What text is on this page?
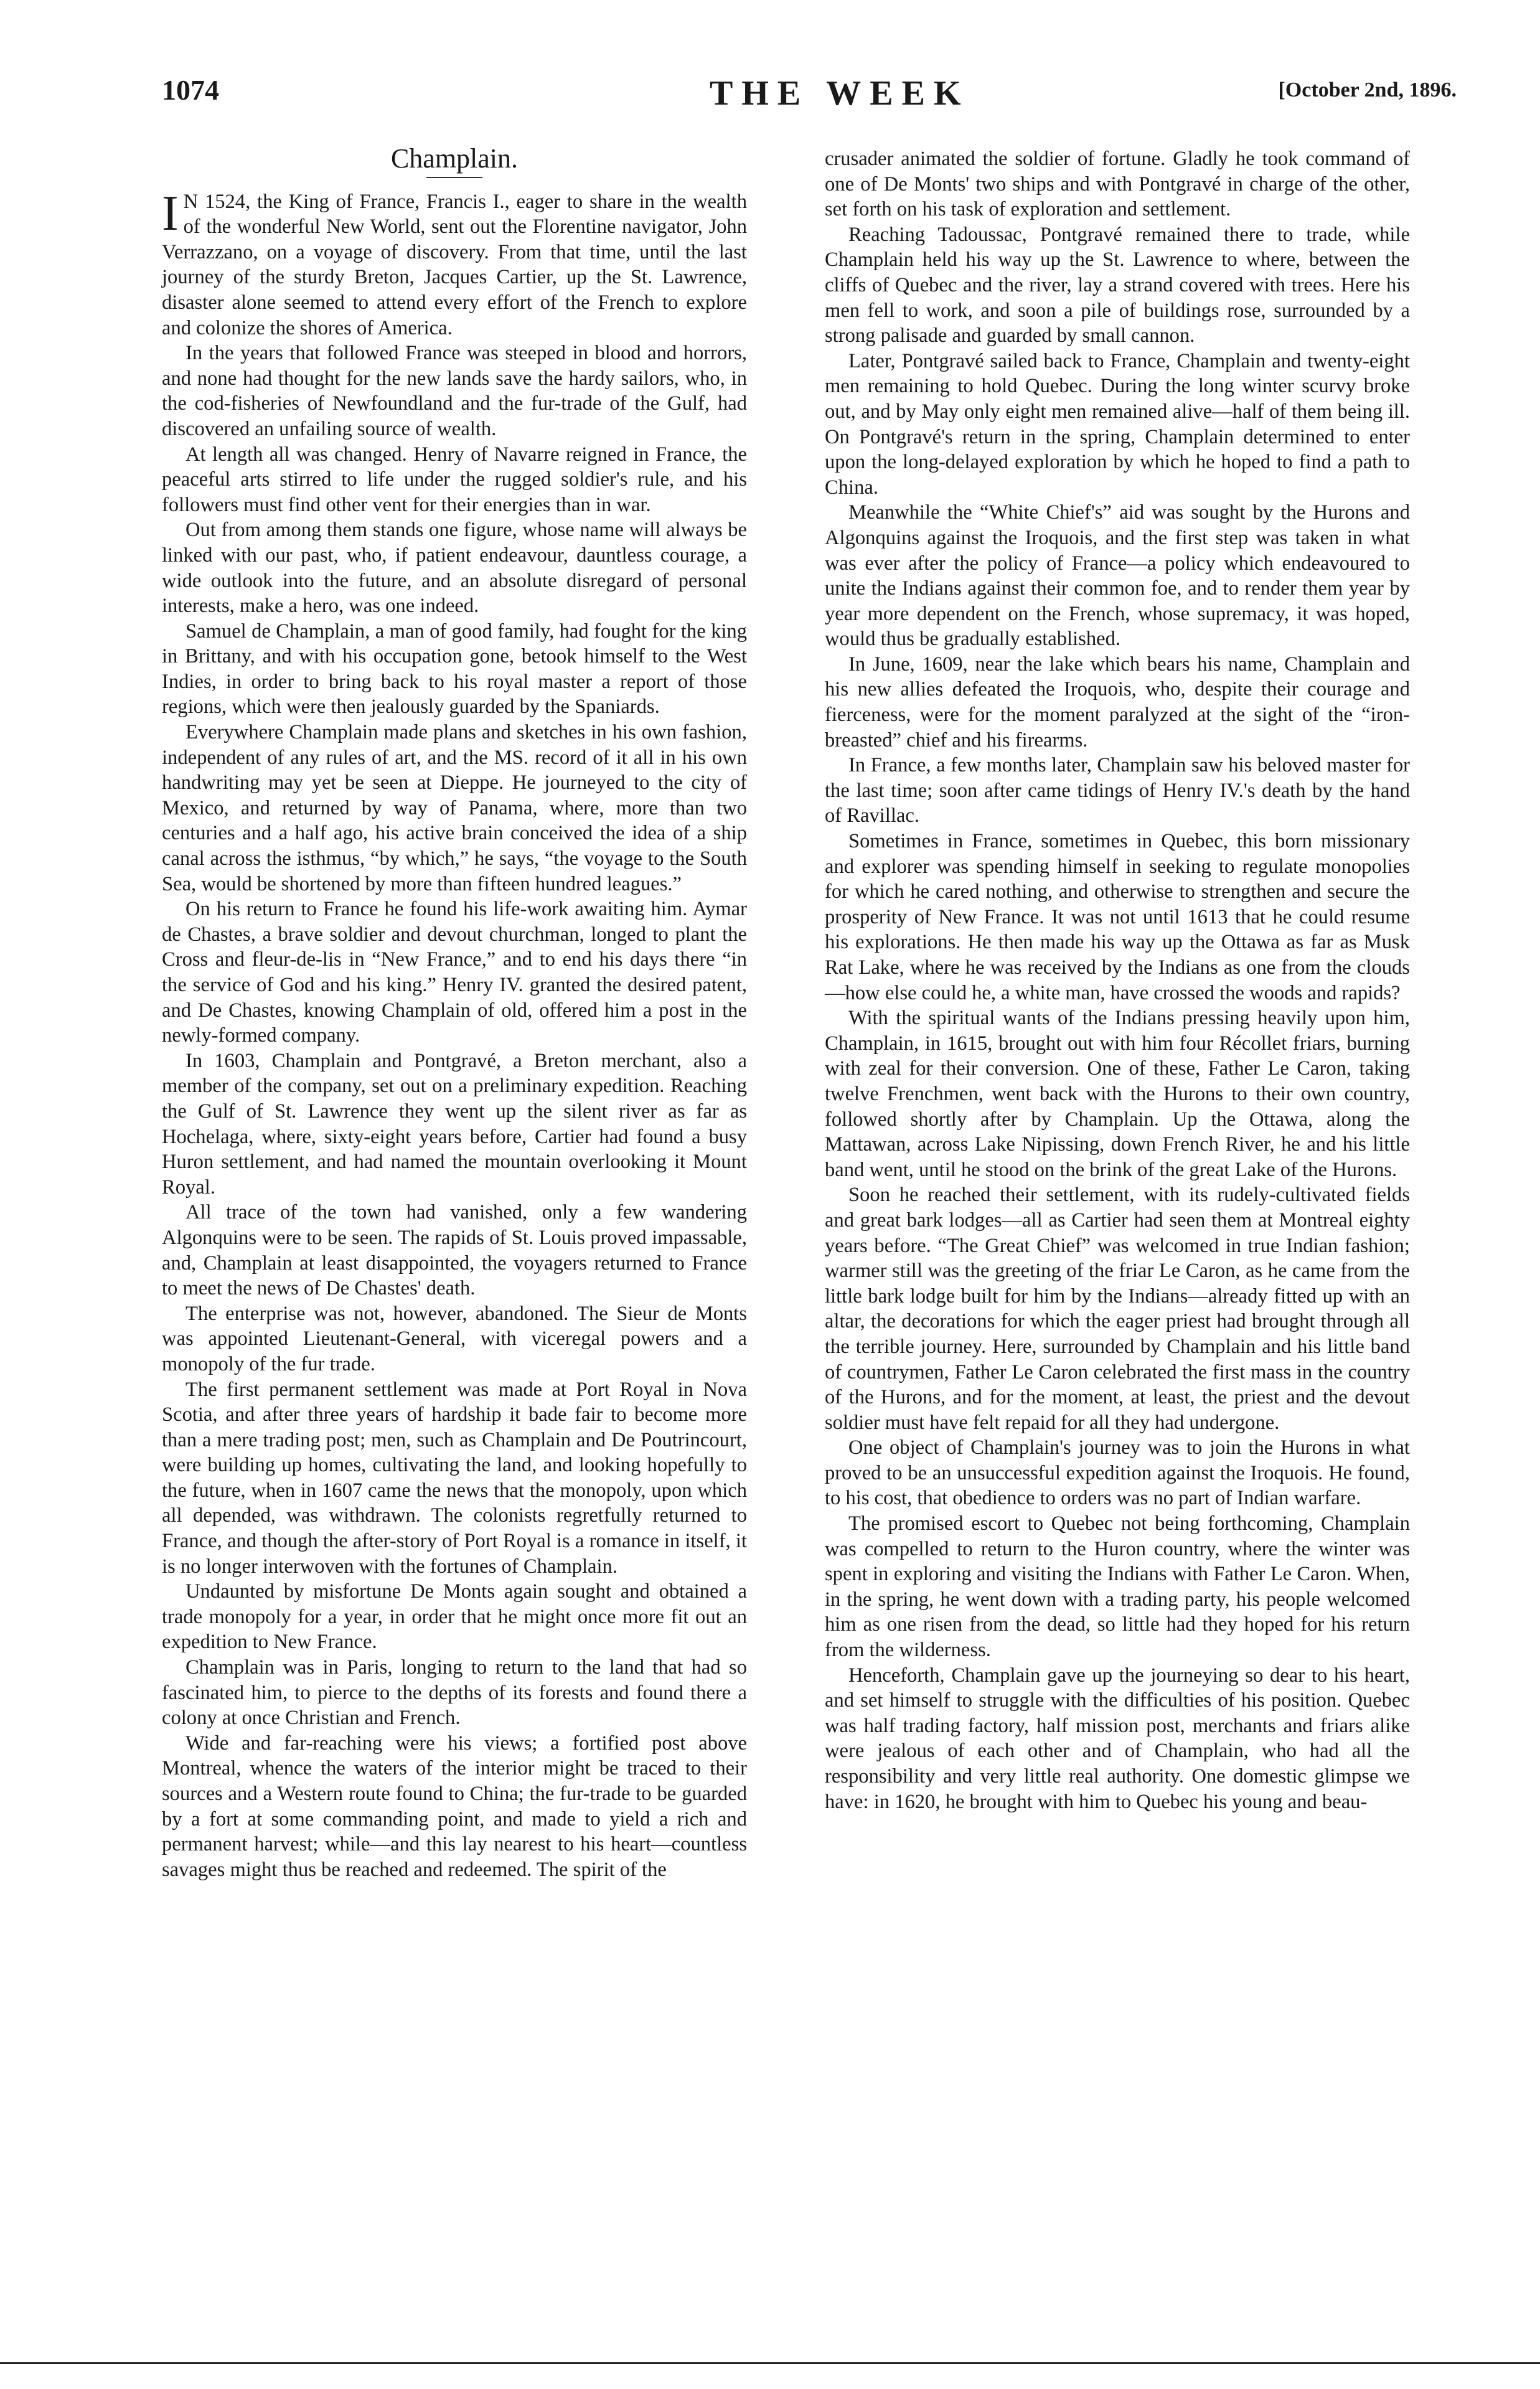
1074	THE WEEK	[October 2nd, 1896.
Champlain.

I N 1524, the King of France, Francis I., eager to share in the wealth of the wonderful New World, sent out the Florentine navigator, John Verrazzano, on a voyage of discovery. From that time, until the last journey of the sturdy Breton, Jacques Cartier, up the St. Lawrence, disaster alone seemed to attend every effort of the French to explore and colonize the shores of America.

In the years that followed France was steeped in blood and horrors, and none had thought for the new lands save the hardy sailors, who, in the cod-fisheries of Newfoundland and the fur-trade of the Gulf, had discovered an unfailing source of wealth.

At length all was changed. Henry of Navarre reigned in France, the peaceful arts stirred to life under the rugged soldier's rule, and his followers must find other vent for their energies than in war.

Out from among them stands one figure, whose name will always be linked with our past, who, if patient endeavour, dauntless courage, a wide outlook into the future, and an absolute disregard of personal interests, make a hero, was one indeed.

Samuel de Champlain, a man of good family, had fought for the king in Brittany, and with his occupation gone, betook himself to the West Indies, in order to bring back to his royal master a report of those regions, which were then jealously guarded by the Spaniards.

Everywhere Champlain made plans and sketches in his own fashion, independent of any rules of art, and the MS. record of it all in his own handwriting may yet be seen at Dieppe. He journeyed to the city of Mexico, and returned by way of Panama, where, more than two centuries and a half ago, his active brain conceived the idea of a ship canal across the isthmus, “by which,” he says, “the voyage to the South Sea, would be shortened by more than fifteen hundred leagues.”

On his return to France he found his life-work awaiting him. Aymar de Chastes, a brave soldier and devout churchman, longed to plant the Cross and fleur-de-lis in “New France,” and to end his days there “in the service of God and his king.” Henry IV. granted the desired patent, and De Chastes, knowing Champlain of old, offered him a post in the newly-formed company.

In 1603, Champlain and Pontgravé, a Breton merchant, also a member of the company, set out on a preliminary expedition. Reaching the Gulf of St. Lawrence they went up the silent river as far as Hochelaga, where, sixty-eight years before, Cartier had found a busy Huron settlement, and had named the mountain overlooking it Mount Royal.

All trace of the town had vanished, only a few wandering Algonquins were to be seen. The rapids of St. Louis proved impassable, and, Champlain at least disappointed, the voyagers returned to France to meet the news of De Chastes' death.

The enterprise was not, however, abandoned. The Sieur de Monts was appointed Lieutenant-General, with viceregal powers and a monopoly of the fur trade.

The first permanent settlement was made at Port Royal in Nova Scotia, and after three years of hardship it bade fair to become more than a mere trading post; men, such as Champlain and De Poutrincourt, were building up homes, cultivating the land, and looking hopefully to the future, when in 1607 came the news that the monopoly, upon which all depended, was withdrawn. The colonists regretfully returned to France, and though the after-story of Port Royal is a romance in itself, it is no longer interwoven with the fortunes of Champlain.

Undaunted by misfortune De Monts again sought and obtained a trade monopoly for a year, in order that he might once more fit out an expedition to New France.

Champlain was in Paris, longing to return to the land that had so fascinated him, to pierce to the depths of its forests and found there a colony at once Christian and French.

Wide and far-reaching were his views; a fortified post above Montreal, whence the waters of the interior might be traced to their sources and a Western route found to China; the fur-trade to be guarded by a fort at some commanding point, and made to yield a rich and permanent harvest; while—and this lay nearest to his heart—countless savages might thus be reached and redeemed. The spirit of the

crusader animated the soldier of fortune. Gladly he took command of one of De Monts' two ships and with Pontgravé in charge of the other, set forth on his task of exploration and settlement.

Reaching Tadoussac, Pontgravé remained there to trade, while Champlain held his way up the St. Lawrence to where, between the cliffs of Quebec and the river, lay a strand covered with trees. Here his men fell to work, and soon a pile of buildings rose, surrounded by a strong palisade and guarded by small cannon.

Later, Pontgravé sailed back to France, Champlain and twenty-eight men remaining to hold Quebec. During the long winter scurvy broke out, and by May only eight men remained alive—half of them being ill. On Pontgravé's return in the spring, Champlain determined to enter upon the long-delayed exploration by which he hoped to find a path to China.

Meanwhile the “White Chief's” aid was sought by the Hurons and Algonquins against the Iroquois, and the first step was taken in what was ever after the policy of France—a policy which endeavoured to unite the Indians against their common foe, and to render them year by year more dependent on the French, whose supremacy, it was hoped, would thus be gradually established.

In June, 1609, near the lake which bears his name, Champlain and his new allies defeated the Iroquois, who, despite their courage and fierceness, were for the moment paralyzed at the sight of the “iron-breasted” chief and his firearms.

In France, a few months later, Champlain saw his beloved master for the last time; soon after came tidings of Henry IV.'s death by the hand of Ravillac.

Sometimes in France, sometimes in Quebec, this born missionary and explorer was spending himself in seeking to regulate monopolies for which he cared nothing, and otherwise to strengthen and secure the prosperity of New France. It was not until 1613 that he could resume his explorations. He then made his way up the Ottawa as far as Musk Rat Lake, where he was received by the Indians as one from the clouds—how else could he, a white man, have crossed the woods and rapids?

With the spiritual wants of the Indians pressing heavily upon him, Champlain, in 1615, brought out with him four Récollet friars, burning with zeal for their conversion. One of these, Father Le Caron, taking twelve Frenchmen, went back with the Hurons to their own country, followed shortly after by Champlain. Up the Ottawa, along the Mattawan, across Lake Nipissing, down French River, he and his little band went, until he stood on the brink of the great Lake of the Hurons.

Soon he reached their settlement, with its rudely-cultivated fields and great bark lodges—all as Cartier had seen them at Montreal eighty years before. “The Great Chief” was welcomed in true Indian fashion; warmer still was the greeting of the friar Le Caron, as he came from the little bark lodge built for him by the Indians—already fitted up with an altar, the decorations for which the eager priest had brought through all the terrible journey. Here, surrounded by Champlain and his little band of countrymen, Father Le Caron celebrated the first mass in the country of the Hurons, and for the moment, at least, the priest and the devout soldier must have felt repaid for all they had undergone.

One object of Champlain's journey was to join the Hurons in what proved to be an unsuccessful expedition against the Iroquois. He found, to his cost, that obedience to orders was no part of Indian warfare.

The promised escort to Quebec not being forthcoming, Champlain was compelled to return to the Huron country, where the winter was spent in exploring and visiting the Indians with Father Le Caron. When, in the spring, he went down with a trading party, his people welcomed him as one risen from the dead, so little had they hoped for his return from the wilderness.

Henceforth, Champlain gave up the journeying so dear to his heart, and set himself to struggle with the difficulties of his position. Quebec was half trading factory, half mission post, merchants and friars alike were jealous of each other and of Champlain, who had all the responsibility and very little real authority. One domestic glimpse we have: in 1620, he brought with him to Quebec his young and beau-
